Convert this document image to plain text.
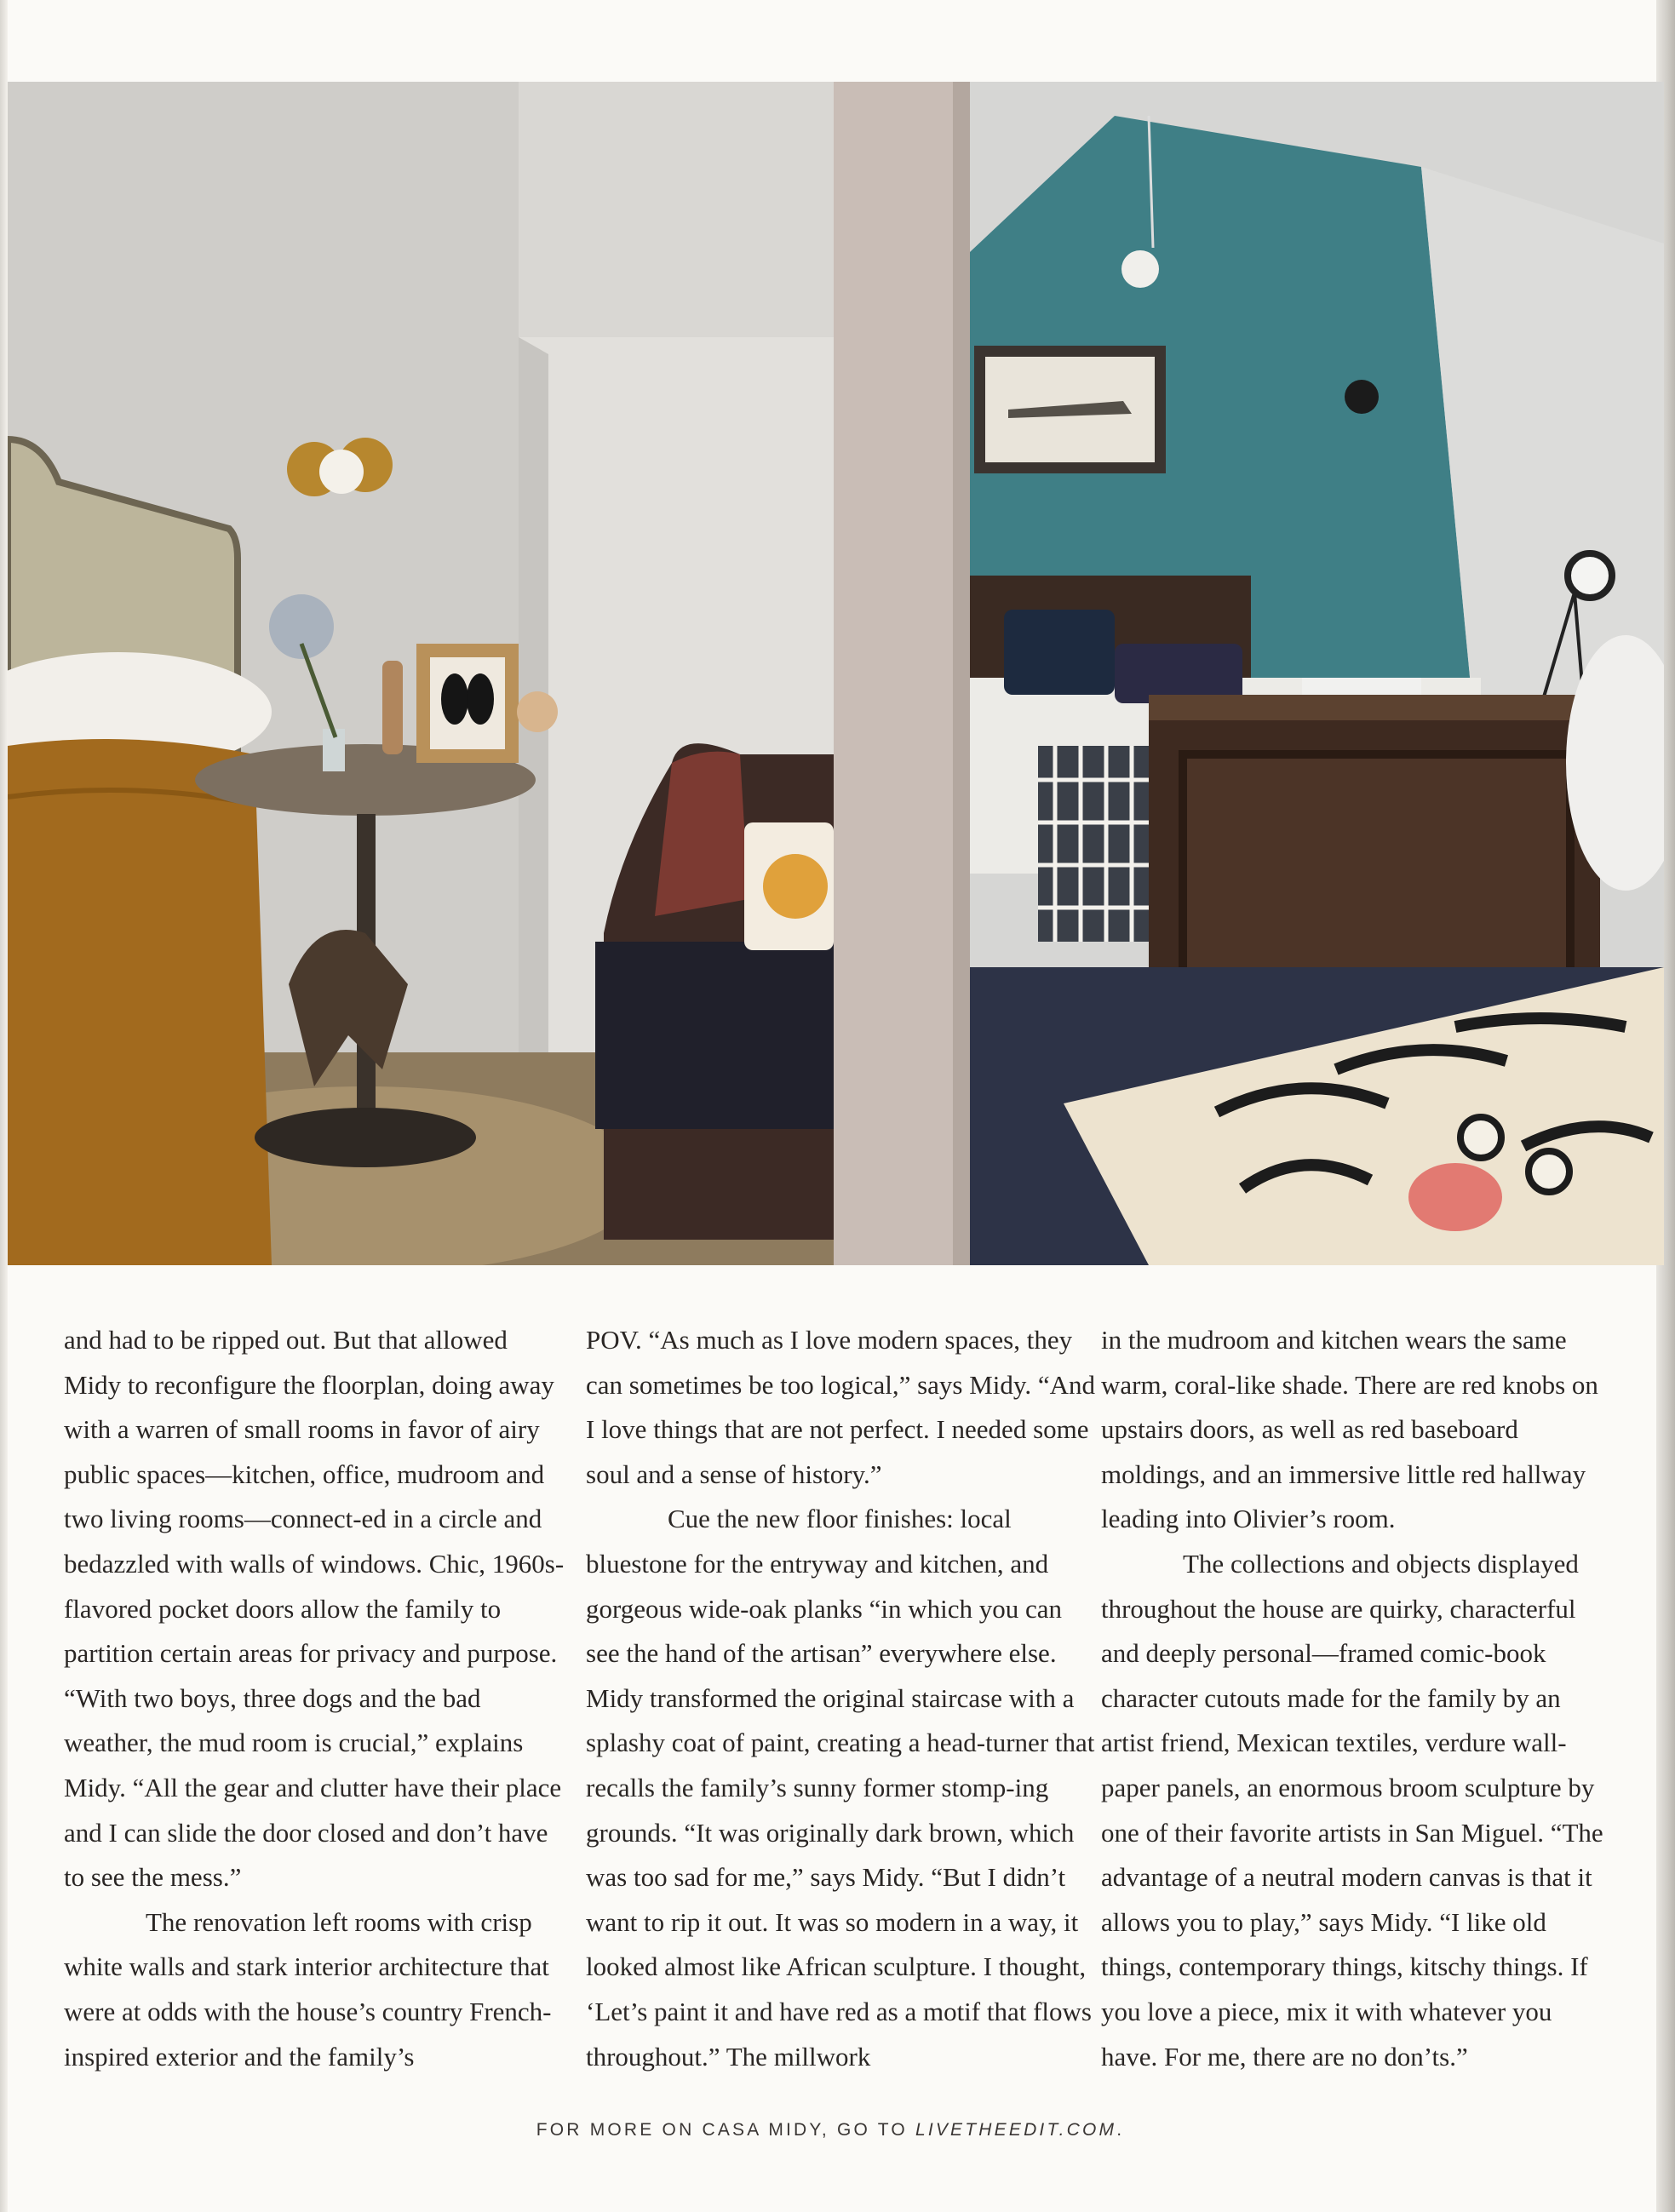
and had to be ripped out. But that allowed Midy to reconfigure the floorplan, doing away with a warren of small rooms in favor of airy public spaces—kitchen, office, mudroom and two living rooms—connect-ed in a circle and bedazzled with walls of windows. Chic, 1960s-flavored pocket doors allow the family to partition certain areas for privacy and purpose. “With two boys, three dogs and the bad weather, the mud room is crucial,” explains Midy. “All the gear and clutter have their place and I can slide the door closed and don’t have to see the mess.”

The renovation left rooms with crisp white walls and stark interior architecture that were at odds with the house’s country French-inspired exterior and the family’s

POV. “As much as I love modern spaces, they can sometimes be too logical,” says Midy. “And I love things that are not perfect. I needed some soul and a sense of history.”

Cue the new floor finishes: local bluestone for the entryway and kitchen, and gorgeous wide-oak planks “in which you can see the hand of the artisan” everywhere else. Midy transformed the original staircase with a splashy coat of paint, creating a head-turner that recalls the family’s sunny former stomp-ing grounds. “It was originally dark brown, which was too sad for me,” says Midy. “But I didn’t want to rip it out. It was so modern in a way, it looked almost like African sculpture. I thought, ‘Let’s paint it and have red as a motif that flows throughout.” The millwork

in the mudroom and kitchen wears the same warm, coral-like shade. There are red knobs on upstairs doors, as well as red baseboard moldings, and an immersive little red hallway leading into Olivier’s room.

The collections and objects displayed throughout the house are quirky, characterful and deeply personal—framed comic-book character cutouts made for the family by an artist friend, Mexican textiles, verdure wall-paper panels, an enormous broom sculpture by one of their favorite artists in San Miguel. “The advantage of a neutral modern canvas is that it allows you to play,” says Midy. “I like old things, contemporary things, kitschy things. If you love a piece, mix it with whatever you have. For me, there are no don’ts.”

FOR MORE ON CASA MIDY, GO TO LIVETHEEDIT.COM.
